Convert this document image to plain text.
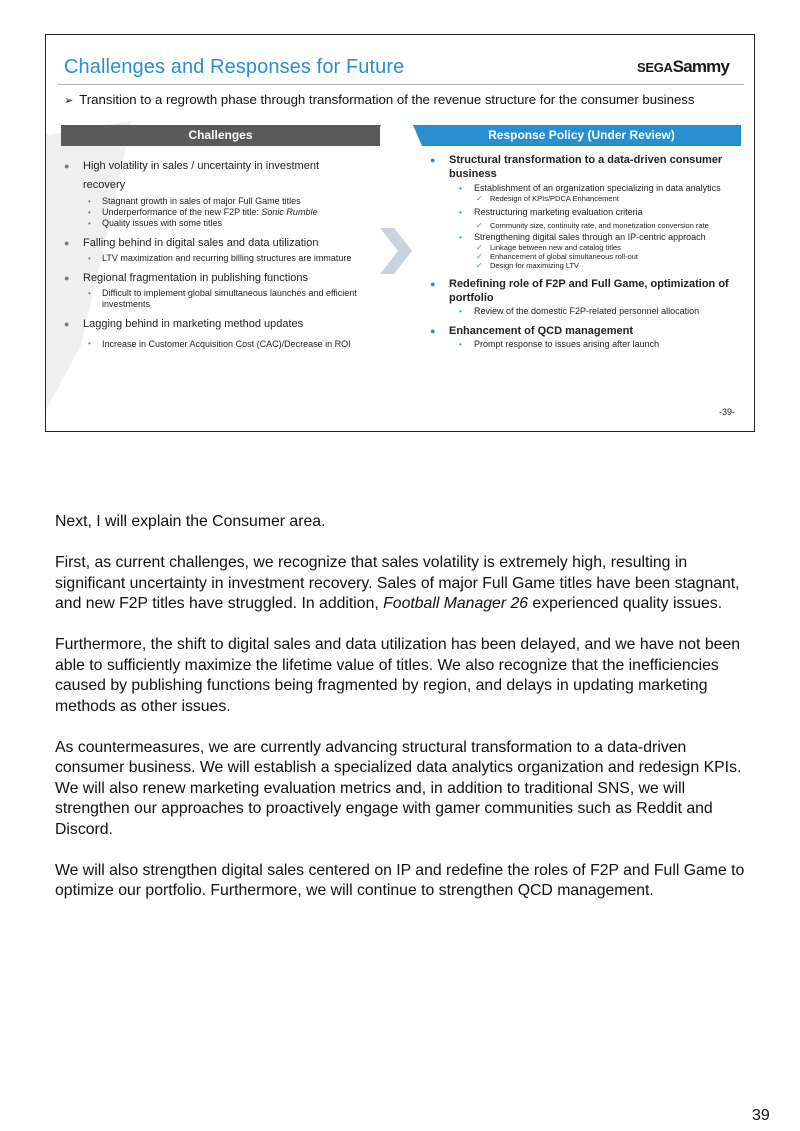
Challenges and Responses for Future	SEGASammy
➢ Transition to a regrowth phase through transformation of the revenue structure for the consumer business
Challenges	Response Policy (Under Review)
● High volatility in sales / uncertainty in investment recovery
• Stagnant growth in sales of major Full Game titles
• Underperformance of the new F2P title: Sonic Rumble
• Quality issues with some titles
● Falling behind in digital sales and data utilization
• LTV maximization and recurring billing structures are immature
● Regional fragmentation in publishing functions
• Difficult to implement global simultaneous launches and efficient investments
● Lagging behind in marketing method updates
• Increase in Customer Acquisition Cost (CAC)/Decrease in ROI
● Structural transformation to a data-driven consumer business
• Establishment of an organization specializing in data analytics
✓ Redesign of KPIs/PDCA Enhancement
• Restructuring marketing evaluation criteria
✓ Community size, continuity rate, and monetization conversion rate
• Strengthening digital sales through an IP-centric approach
✓ Linkage between new and catalog titles
✓ Enhancement of global simultaneous roll-out
✓ Design for maximizing LTV
● Redefining role of F2P and Full Game, optimization of portfolio
• Review of the domestic F2P-related personnel allocation
● Enhancement of QCD management
• Prompt response to issues arising after launch
-39-

Next, I will explain the Consumer area.

First, as current challenges, we recognize that sales volatility is extremely high, resulting in significant uncertainty in investment recovery. Sales of major Full Game titles have been stagnant, and new F2P titles have struggled. In addition, Football Manager 26 experienced quality issues.

Furthermore, the shift to digital sales and data utilization has been delayed, and we have not been able to sufficiently maximize the lifetime value of titles. We also recognize that the inefficiencies caused by publishing functions being fragmented by region, and delays in updating marketing methods as other issues.

As countermeasures, we are currently advancing structural transformation to a data-driven consumer business. We will establish a specialized data analytics organization and redesign KPIs. We will also renew marketing evaluation metrics and, in addition to traditional SNS, we will strengthen our approaches to proactively engage with gamer communities such as Reddit and Discord.

We will also strengthen digital sales centered on IP and redefine the roles of F2P and Full Game to optimize our portfolio. Furthermore, we will continue to strengthen QCD management.

39
